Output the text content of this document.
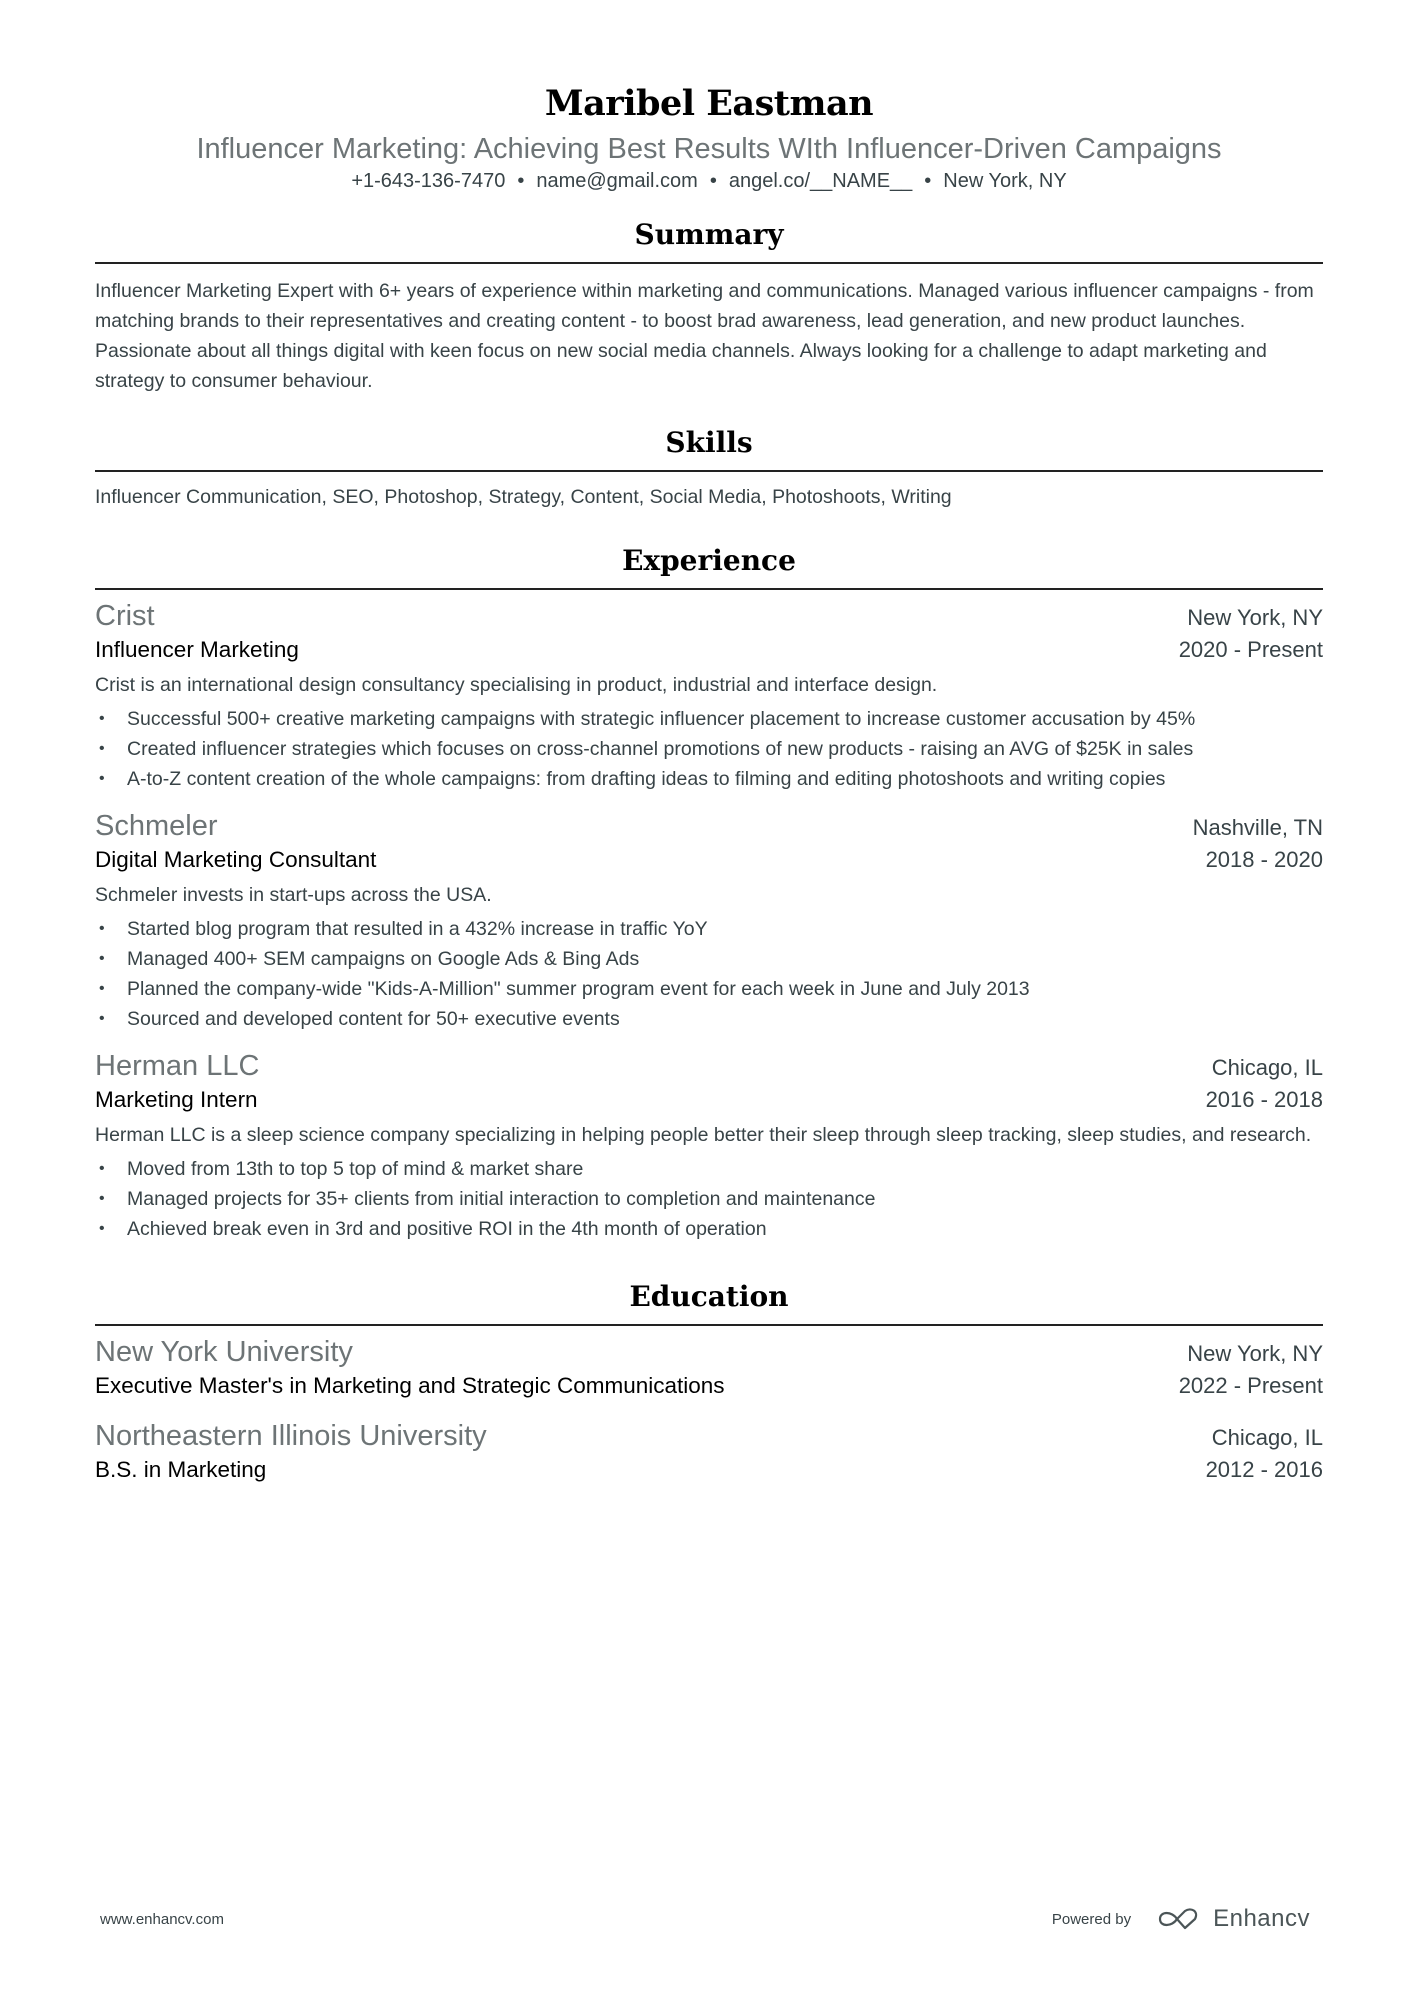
Maribel Eastman
Influencer Marketing: Achieving Best Results WIth Influencer-Driven Campaigns
+1-643-136-7470 • name@gmail.com • angel.co/__NAME__ • New York, NY
Summary

Influencer Marketing Expert with 6+ years of experience within marketing and communications. Managed various influencer campaigns - from matching brands to their representatives and creating content - to boost brad awareness, lead generation, and new product launches. Passionate about all things digital with keen focus on new social media channels. Always looking for a challenge to adapt marketing and strategy to consumer behaviour.

Skills

Influencer Communication, SEO, Photoshop, Strategy, Content, Social Media, Photoshoots, Writing

Experience
Crist	New York, NY
Influencer Marketing	2020 - Present
Crist is an international design consultancy specialising in product, industrial and interface design.
• Successful 500+ creative marketing campaigns with strategic influencer placement to increase customer accusation by 45%
• Created influencer strategies which focuses on cross-channel promotions of new products - raising an AVG of $25K in sales
• A-to-Z content creation of the whole campaigns: from drafting ideas to filming and editing photoshoots and writing copies
Schmeler	Nashville, TN
Digital Marketing Consultant	2018 - 2020
Schmeler invests in start-ups across the USA.
• Started blog program that resulted in a 432% increase in traffic YoY
• Managed 400+ SEM campaigns on Google Ads & Bing Ads
• Planned the company-wide "Kids-A-Million" summer program event for each week in June and July 2013
• Sourced and developed content for 50+ executive events
Herman LLC	Chicago, IL
Marketing Intern	2016 - 2018
Herman LLC is a sleep science company specializing in helping people better their sleep through sleep tracking, sleep studies, and research.
• Moved from 13th to top 5 top of mind & market share
• Managed projects for 35+ clients from initial interaction to completion and maintenance
• Achieved break even in 3rd and positive ROI in the 4th month of operation
Education
New York University	New York, NY
Executive Master's in Marketing and Strategic Communications	2022 - Present
Northeastern Illinois University	Chicago, IL
B.S. in Marketing	2012 - 2016
www.enhancv.com	Powered by	Enhancv
